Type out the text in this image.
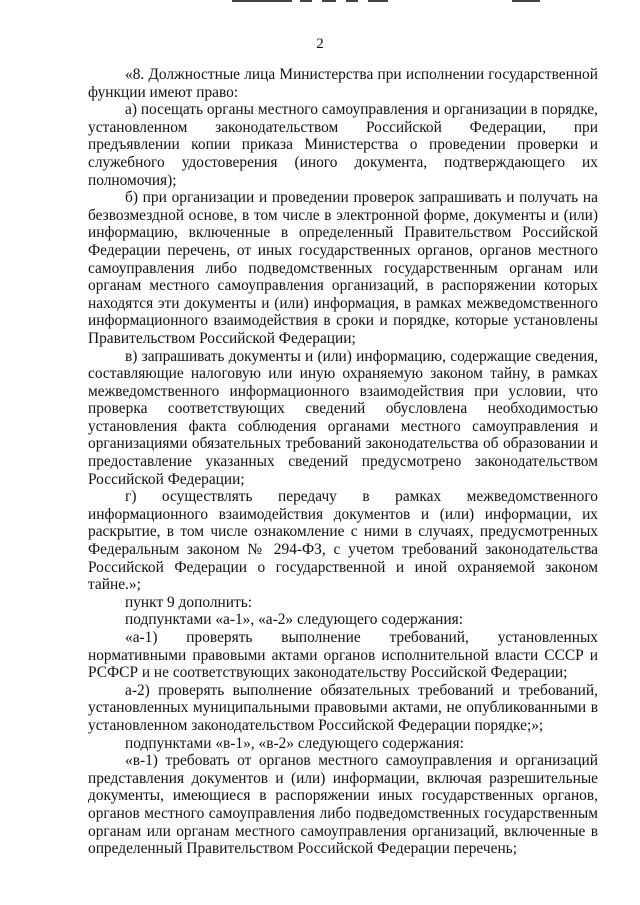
2

«8. Должностные лица Министерства при исполнении государственной функции имеют право:

а) посещать органы местного самоуправления и организации в порядке, установленном законодательством Российской Федерации, при предъявлении копии приказа Министерства о проведении проверки и служебного удостоверения (иного документа, подтверждающего их полномочия);

б) при организации и проведении проверок запрашивать и получать на безвозмездной основе, в том числе в электронной форме, документы и (или) информацию, включенные в определенный Правительством Российской Федерации перечень, от иных государственных органов, органов местного самоуправления либо подведомственных государственным органам или органам местного самоуправления организаций, в распоряжении которых находятся эти документы и (или) информация, в рамках межведомственного информационного взаимодействия в сроки и порядке, которые установлены Правительством Российской Федерации;

в) запрашивать документы и (или) информацию, содержащие сведения, составляющие налоговую или иную охраняемую законом тайну, в рамках межведомственного информационного взаимодействия при условии, что проверка соответствующих сведений обусловлена необходимостью установления факта соблюдения органами местного самоуправления и организациями обязательных требований законодательства об образовании и предоставление указанных сведений предусмотрено законодательством Российской Федерации;

г) осуществлять передачу в рамках межведомственного информационного взаимодействия документов и (или) информации, их раскрытие, в том числе ознакомление с ними в случаях, предусмотренных Федеральным законом № 294-ФЗ, с учетом требований законодательства Российской Федерации о государственной и иной охраняемой законом тайне.»;

пункт 9 дополнить:

подпунктами «а-1», «а-2» следующего содержания:

«а-1) проверять выполнение требований, установленных нормативными правовыми актами органов исполнительной власти СССР и РСФСР и не соответствующих законодательству Российской Федерации;

а-2) проверять выполнение обязательных требований и требований, установленных муниципальными правовыми актами, не опубликованными в установленном законодательством Российской Федерации порядке;»;

подпунктами «в-1», «в-2» следующего содержания:

«в-1) требовать от органов местного самоуправления и организаций представления документов и (или) информации, включая разрешительные документы, имеющиеся в распоряжении иных государственных органов, органов местного самоуправления либо подведомственных государственным органам или органам местного самоуправления организаций, включенные в определенный Правительством Российской Федерации перечень;
